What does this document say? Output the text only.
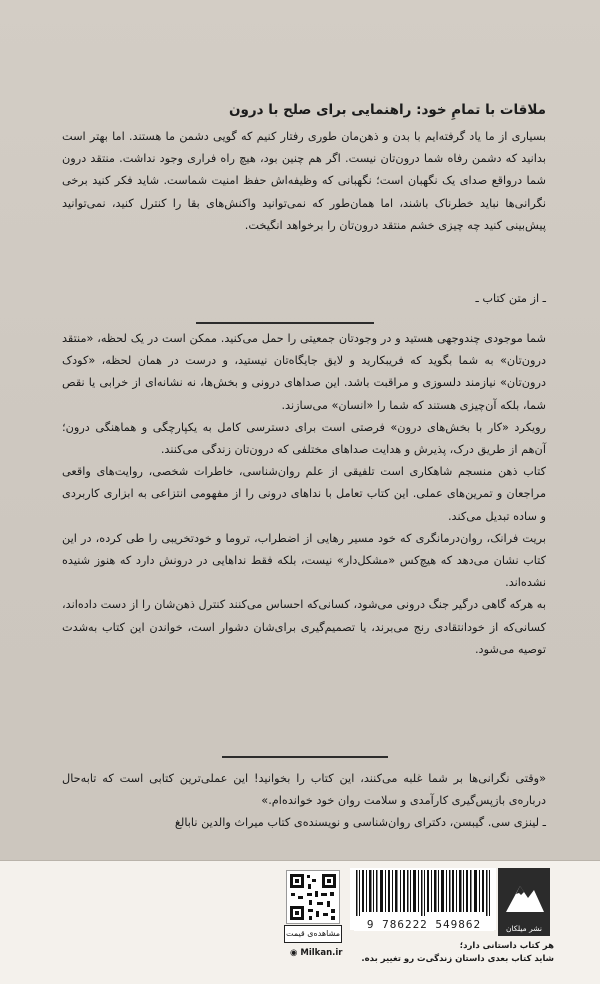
ملاقات با تمامِ خود: راهنمایی برای صلح با درون

بسیاری از ما یاد گرفته‌ایم با بدن و ذهن‌مان طوری رفتار کنیم که گویی دشمن ما هستند. اما بهتر است بدانید که دشمن رفاه شما درون‌تان نیست. اگر هم چنین بود، هیچ راه فراری وجود نداشت. منتقد درون شما درواقع صدای یک نگهبان است؛ نگهبانی که وظیفه‌اش حفظ امنیت شماست. شاید فکر کنید برخی نگرانی‌ها نباید خطرناک باشند، اما همان‌طور که نمی‌توانید واکنش‌های بقا را کنترل کنید، نمی‌توانید پیش‌بینی کنید چه چیزی خشم منتقد درون‌تان را برخواهد انگیخت.

ـ از متن کتاب ـ

شما موجودی چندوجهی هستید و در وجودتان جمعیتی را حمل می‌کنید. ممکن است در یک لحظه، «منتقد درون‌تان» به شما بگوید که فریبکارید و لایق جایگاه‌تان نیستید، و درست در همان لحظه، «کودک درون‌تان» نیازمند دلسوزی و مراقبت باشد. این صداهای درونی و بخش‌ها، نه نشانه‌ای از خرابی یا نقص شما، بلکه آن‌چیزی هستند که شما را «انسان» می‌سازند.

رویکرد «کار با بخش‌های درون» فرصتی است برای دسترسی کامل به یکپارچگی و هماهنگی درون؛ آن‌هم از طریق درک، پذیرش و هدایت صداهای مختلفی که درون‌تان زندگی می‌کنند.

کتاب ذهن منسجم شاهکاری است تلفیقی از علم روان‌شناسی، خاطرات شخصی، روایت‌های واقعی مراجعان و تمرین‌های عملی. این کتاب تعامل با نداهای درونی را از مفهومی انتزاعی به ابزاری کاربردی و ساده تبدیل می‌کند.

بریت فرانک، روان‌درمانگری که خود مسیر رهایی از اضطراب، تروما و خودتخریبی را طی کرده، در این کتاب نشان می‌دهد که هیچ‌کس «مشکل‌دار» نیست، بلکه فقط نداهایی در درونش دارد که هنوز شنیده نشده‌اند.

به هرکه گاهی درگیر جنگ درونی می‌شود، کسانی‌که احساس می‌کنند کنترل ذهن‌شان را از دست داده‌اند، کسانی‌که از خودانتقادی رنج می‌برند، یا تصمیم‌گیری برای‌شان دشوار است، خواندن این کتاب به‌شدت توصیه می‌شود.

«وقتی نگرانی‌ها بر شما غلبه می‌کنند، این کتاب را بخوانید! این عملی‌ترین کتابی است که تابه‌حال درباره‌ی بازپس‌گیری کارآمدی و سلامت روان خود خوانده‌ام.»

ـ لینزی سی. گیبسن، دکترای روان‌شناسی و نویسنده‌ی کتاب میراث والدین نابالغ

مشاهده‌ی قیمت
◉ Milkan.ir
9 786222 549862	نشر میلکان
هر کتاب داستانی دارد؛
شاید کتاب بعدی داستان زندگی‌ت رو تغییر بده.
